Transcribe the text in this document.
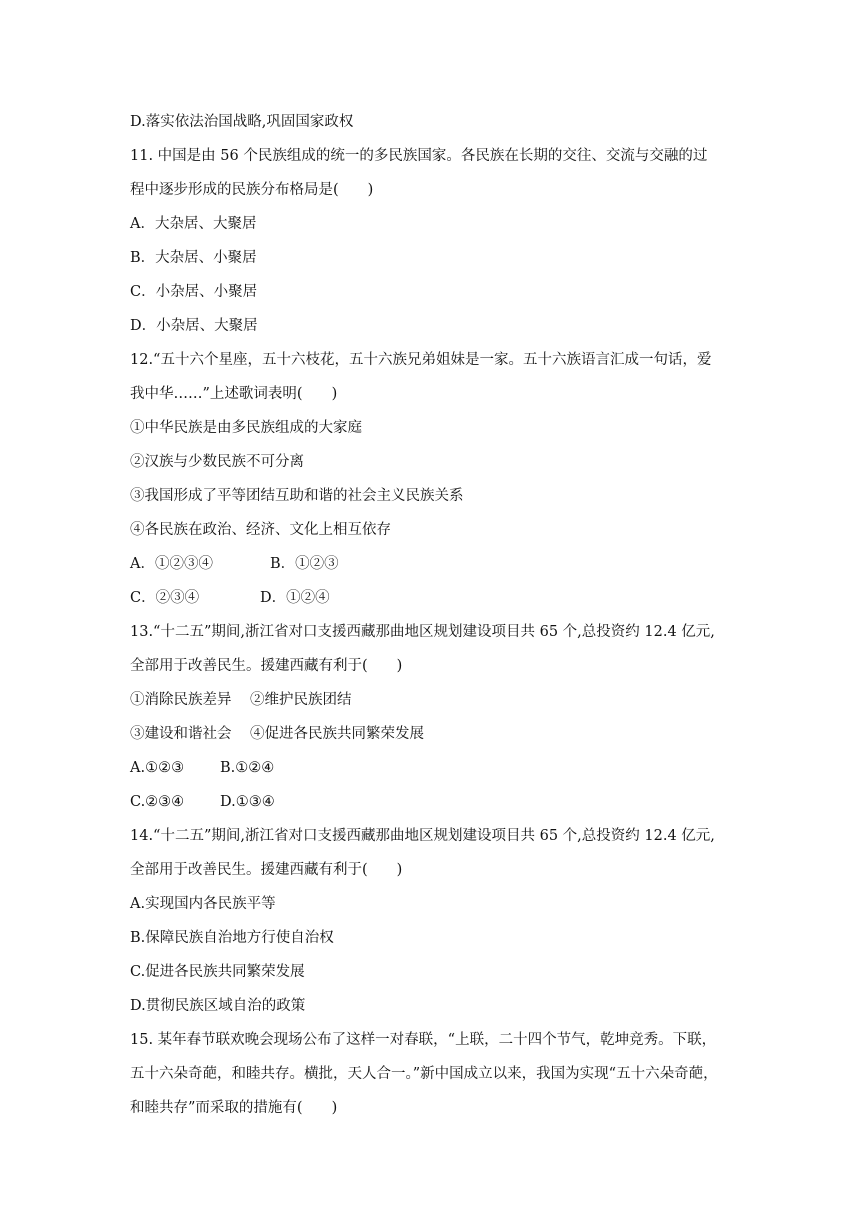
D.落实依法治国战略,巩固国家政权
11. 中国是由 56 个民族组成的统一的多民族国家。各民族在长期的交往、交流与交融的过
程中逐步形成的民族分布格局是(　　)
A．大杂居、大聚居
B．大杂居、小聚居
C．小杂居、小聚居
D．小杂居、大聚居
12.“五十六个星座，五十六枝花，五十六族兄弟姐妹是一家。五十六族语言汇成一句话，爱
我中华……”上述歌词表明(　　)
①中华民族是由多民族组成的大家庭
②汉族与少数民族不可分离
③我国形成了平等团结互助和谐的社会主义民族关系
④各民族在政治、经济、文化上相互依存
A．①②③④	B．①②③
C．②③④	D．①②④
13.“十二五”期间,浙江省对口支援西藏那曲地区规划建设项目共 65 个,总投资约 12.4 亿元,
全部用于改善民生。援建西藏有利于(　　)
①消除民族差异	②维护民族团结
③建设和谐社会	④促进各民族共同繁荣发展
A.①②③	B.①②④
C.②③④	D.①③④
14.“十二五”期间,浙江省对口支援西藏那曲地区规划建设项目共 65 个,总投资约 12.4 亿元,
全部用于改善民生。援建西藏有利于(　　)
A.实现国内各民族平等
B.保障民族自治地方行使自治权
C.促进各民族共同繁荣发展
D.贯彻民族区域自治的政策
15. 某年春节联欢晚会现场公布了这样一对春联，“上联，二十四个节气，乾坤竞秀。下联，
五十六朵奇葩，和睦共存。横批，天人合一。”新中国成立以来，我国为实现“五十六朵奇葩，
和睦共存”而采取的措施有(　　)
